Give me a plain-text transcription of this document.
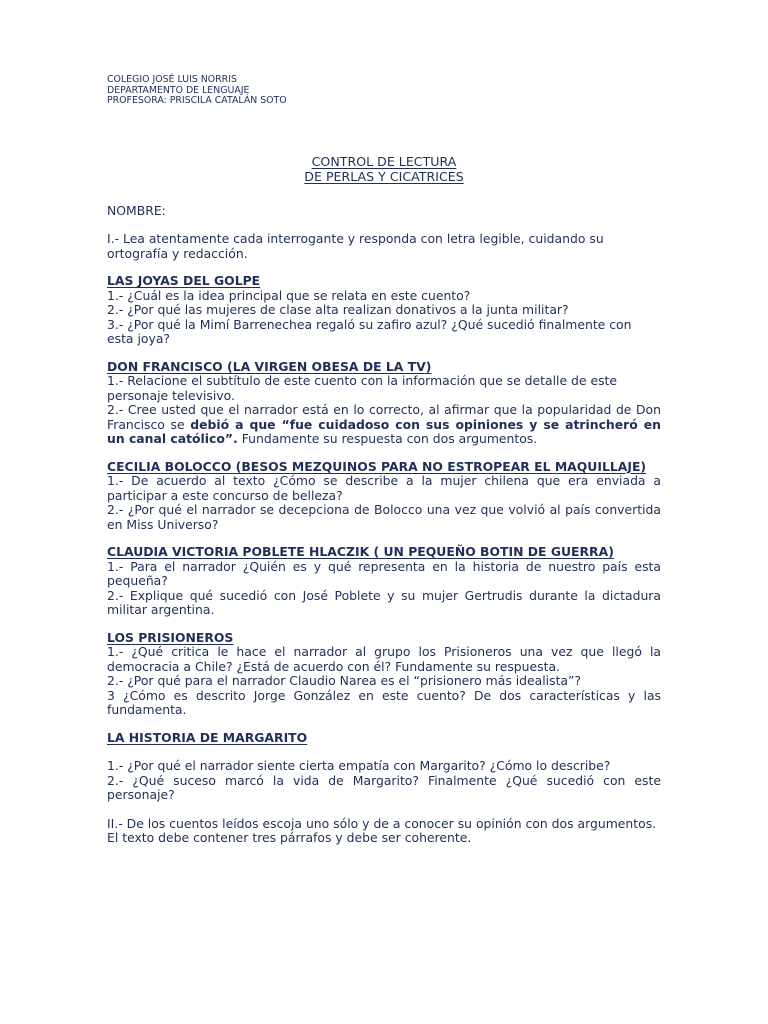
COLEGIO JOSÉ LUIS NORRIS

DEPARTAMENTO DE LENGUAJE

PROFESORA: PRISCILA CATALÁN SOTO

CONTROL DE LECTURA

DE PERLAS Y CICATRICES

NOMBRE:

I.- Lea atentamente cada interrogante y responda con letra legible, cuidando su ortografía y redacción.

LAS JOYAS DEL GOLPE

1.- ¿Cuál es la idea principal que se relata en este cuento?

2.- ¿Por qué las mujeres de clase alta realizan donativos a la junta militar?

3.- ¿Por qué la Mimí Barrenechea regaló su zafiro azul? ¿Qué sucedió finalmente con esta joya?

DON FRANCISCO (LA VIRGEN OBESA DE LA TV)

1.- Relacione el subtítulo de este cuento con la información que se detalle de este personaje televisivo.

2.- Cree usted que el narrador está en lo correcto, al afirmar que la popularidad de Don Francisco se debió a que “fue cuidadoso con sus opiniones y se atrincheró en un canal católico”. Fundamente su respuesta con dos argumentos.

CECILIA BOLOCCO (BESOS MEZQUINOS PARA NO ESTROPEAR EL MAQUILLAJE)

1.- De acuerdo al texto ¿Cómo se describe a la mujer chilena que era enviada a participar a este concurso de belleza?

2.- ¿Por qué el narrador se decepciona de Bolocco una vez que volvió al país convertida en Miss Universo?

CLAUDIA VICTORIA POBLETE HLACZIK ( UN PEQUEÑO BOTIN DE GUERRA)

1.- Para el narrador ¿Quién es y qué representa en la historia de nuestro país esta pequeña?

2.- Explique qué sucedió con José Poblete y su mujer Gertrudis durante la dictadura militar argentina.

LOS PRISIONEROS

1.- ¿Qué critica le hace el narrador al grupo los Prisioneros una vez que llegó la democracia a Chile? ¿Está de acuerdo con él? Fundamente su respuesta.

2.- ¿Por qué para el narrador Claudio Narea es el “prisionero más idealista”?

3 ¿Cómo es descrito Jorge González en este cuento? De dos características y las fundamenta.

LA HISTORIA DE MARGARITO

1.- ¿Por qué el narrador siente cierta empatía con Margarito? ¿Cómo lo describe?

2.- ¿Qué suceso marcó la vida de Margarito? Finalmente ¿Qué sucedió con este personaje?

II.- De los cuentos leídos escoja uno sólo y de a conocer su opinión con dos argumentos. El texto debe contener tres párrafos y debe ser coherente.
